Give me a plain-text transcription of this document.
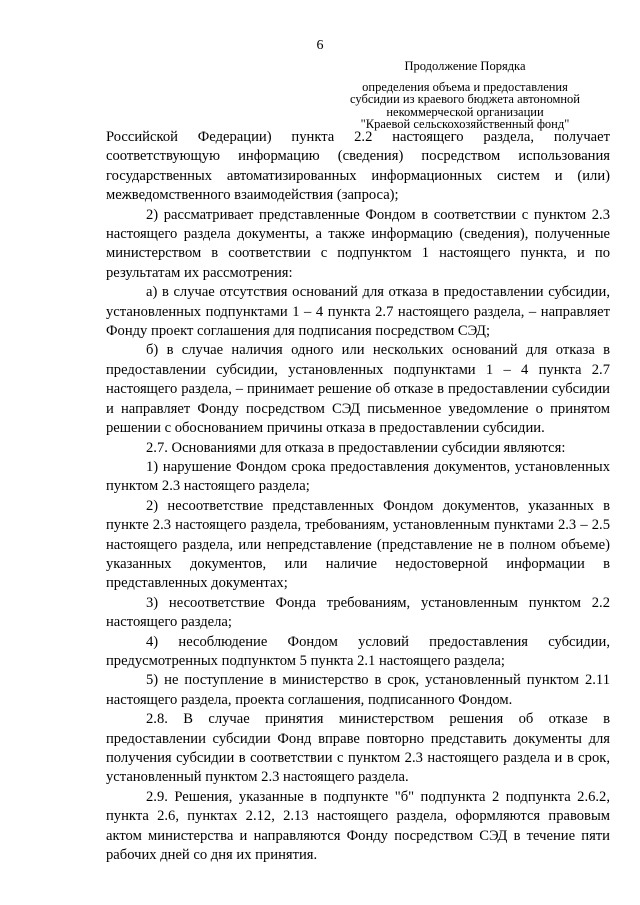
6
Продолжение Порядка
определения объема и предоставления
субсидии из краевого бюджета автономной
некоммерческой организации
"Краевой сельскохозяйственный фонд"

Российской Федерации) пункта 2.2 настоящего раздела, получает соответствующую информацию (сведения) посредством использования государственных автоматизированных информационных систем и (или) межведомственного взаимодействия (запроса);

2) рассматривает представленные Фондом в соответствии с пунктом 2.3 настоящего раздела документы, а также информацию (сведения), полученные министерством в соответствии с подпунктом 1 настоящего пункта, и по результатам их рассмотрения:

а) в случае отсутствия оснований для отказа в предоставлении субсидии, установленных подпунктами 1 – 4 пункта 2.7 настоящего раздела, – направляет Фонду проект соглашения для подписания посредством СЭД;

б) в случае наличия одного или нескольких оснований для отказа в предоставлении субсидии, установленных подпунктами 1 – 4 пункта 2.7 настоящего раздела, – принимает решение об отказе в предоставлении субсидии и направляет Фонду посредством СЭД письменное уведомление о принятом решении с обоснованием причины отказа в предоставлении субсидии.

2.7. Основаниями для отказа в предоставлении субсидии являются:

1) нарушение Фондом срока предоставления документов, установленных пунктом 2.3 настоящего раздела;

2) несоответствие представленных Фондом документов, указанных в пункте 2.3 настоящего раздела, требованиям, установленным пунктами 2.3 – 2.5 настоящего раздела, или непредставление (представление не в полном объеме) указанных документов, или наличие недостоверной информации в представленных документах;

3) несоответствие Фонда требованиям, установленным пунктом 2.2 настоящего раздела;

4) несоблюдение Фондом условий предоставления субсидии, предусмотренных подпунктом 5 пункта 2.1 настоящего раздела;

5) не поступление в министерство в срок, установленный пунктом 2.11 настоящего раздела, проекта соглашения, подписанного Фондом.

2.8. В случае принятия министерством решения об отказе в предоставлении субсидии Фонд вправе повторно представить документы для получения субсидии в соответствии с пунктом 2.3 настоящего раздела и в срок, установленный пунктом 2.3 настоящего раздела.

2.9. Решения, указанные в подпункте "б" подпункта 2 подпункта 2.6.2, пункта 2.6, пунктах 2.12, 2.13 настоящего раздела, оформляются правовым актом министерства и направляются Фонду посредством СЭД в течение пяти рабочих дней со дня их принятия.
